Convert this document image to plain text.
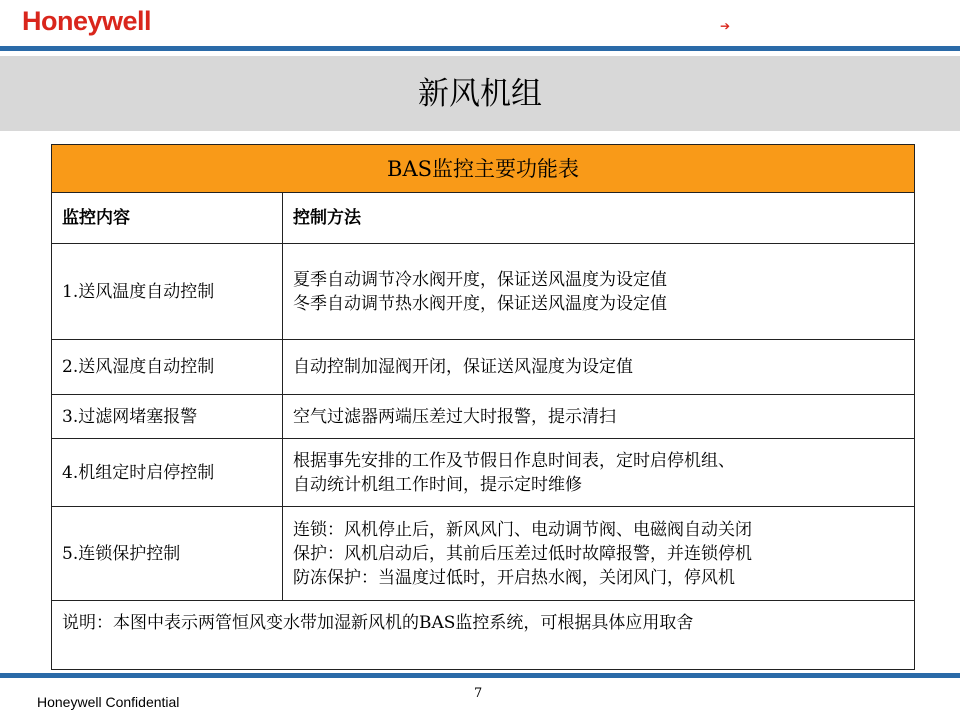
Honeywell	➔
新风机组
BAS监控主要功能表	
监控内容	控制方法
1.送风温度自动控制	夏季自动调节冷水阀开度，保证送风温度为设定值
冬季自动调节热水阀开度，保证送风温度为设定值

2.送风湿度自动控制	自动控制加湿阀开闭，保证送风湿度为设定值

3.过滤网堵塞报警	空气过滤器两端压差过大时报警，提示清扫

4.机组定时启停控制	根据事先安排的工作及节假日作息时间表，定时启停机组、
自动统计机组工作时间，提示定时维修

5.连锁保护控制	连锁：风机停止后，新风风门、电动调节阀、电磁阀自动关闭
保护：风机启动后，其前后压差过低时故障报警，并连锁停机
防冻保护：当温度过低时，开启热水阀，关闭风门，停风机

说明：本图中表示两管恒风变水带加湿新风机的BAS监控系统，可根据具体应用取舍	
Honeywell Confidential
7
